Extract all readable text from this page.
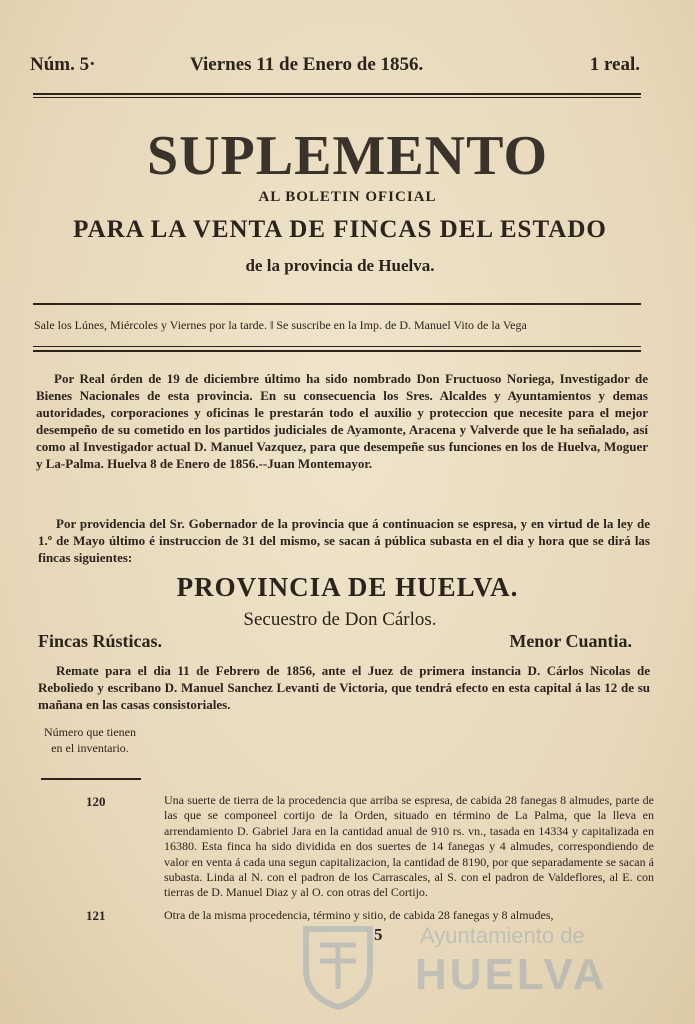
Núm. 5·	Viernes 11 de Enero de 1856.	1 real.
SUPLEMENTO
AL BOLETIN OFICIAL
PARA LA VENTA DE FINCAS DEL ESTADO
de la provincia de Huelva.
Sale los Lúnes, Miércoles y Viernes por la tarde. ‖ Se suscribe en la Imp. de D. Manuel Vito de la Vega
Por Real órden de 19 de diciembre último ha sido nombrado Don Fructuoso Noriega, Investigador de Bienes Nacionales de esta provincia. En su consecuencia los Sres. Alcaldes y Ayuntamientos y demas autoridades, corporaciones y oficinas le prestarán todo el auxilio y proteccion que necesite para el mejor desempeño de su cometido en los partidos judiciales de Ayamonte, Aracena y Valverde que le ha señalado, así como al Investigador actual D. Manuel Vazquez, para que desempeñe sus funciones en los de Huelva, Moguer y La-Palma. Huelva 8 de Enero de 1856.--Juan Montemayor.
Por providencia del Sr. Gobernador de la provincia que á continuacion se espresa, y en virtud de la ley de 1.º de Mayo último é instruccion de 31 del mismo, se sacan á pública subasta en el dia y hora que se dirá las fincas siguientes:
PROVINCIA DE HUELVA.
Secuestro de Don Cárlos.
Fincas Rústicas.	Menor Cuantia.
Remate para el dia 11 de Febrero de 1856, ante el Juez de primera instancia D. Cárlos Nicolas de Reboliedo y escribano D. Manuel Sanchez Levanti de Victoria, que tendrá efecto en esta capital á las 12 de su mañana en las casas consistoriales.
Número que tienen en el inventario.
120	Una suerte de tierra de la procedencia que arriba se espresa, de cabida 28 fanegas 8 almudes, parte de las que se componeel cortijo de la Orden, situado en término de La Palma, que la lleva en arrendamiento D. Gabriel Jara en la cantidad anual de 910 rs. vn., tasada en 14334 y capitalizada en 16380. Esta finca ha sido dividida en dos suertes de 14 fanegas y 4 almudes, correspondiendo de valor en venta á cada una segun capitalizacion, la cantidad de 8190, por que separadamente se sacan á subasta. Linda al N. con el padron de los Carrascales, al S. con el padron de Valdeflores, al E. con tierras de D. Manuel Diaz y al O. con otras del Cortijo.
121	Otra de la misma procedencia, término y sitio, de cabida 28 fanegas y 8 almudes,
Ayuntamiento de
HUELVA
5
